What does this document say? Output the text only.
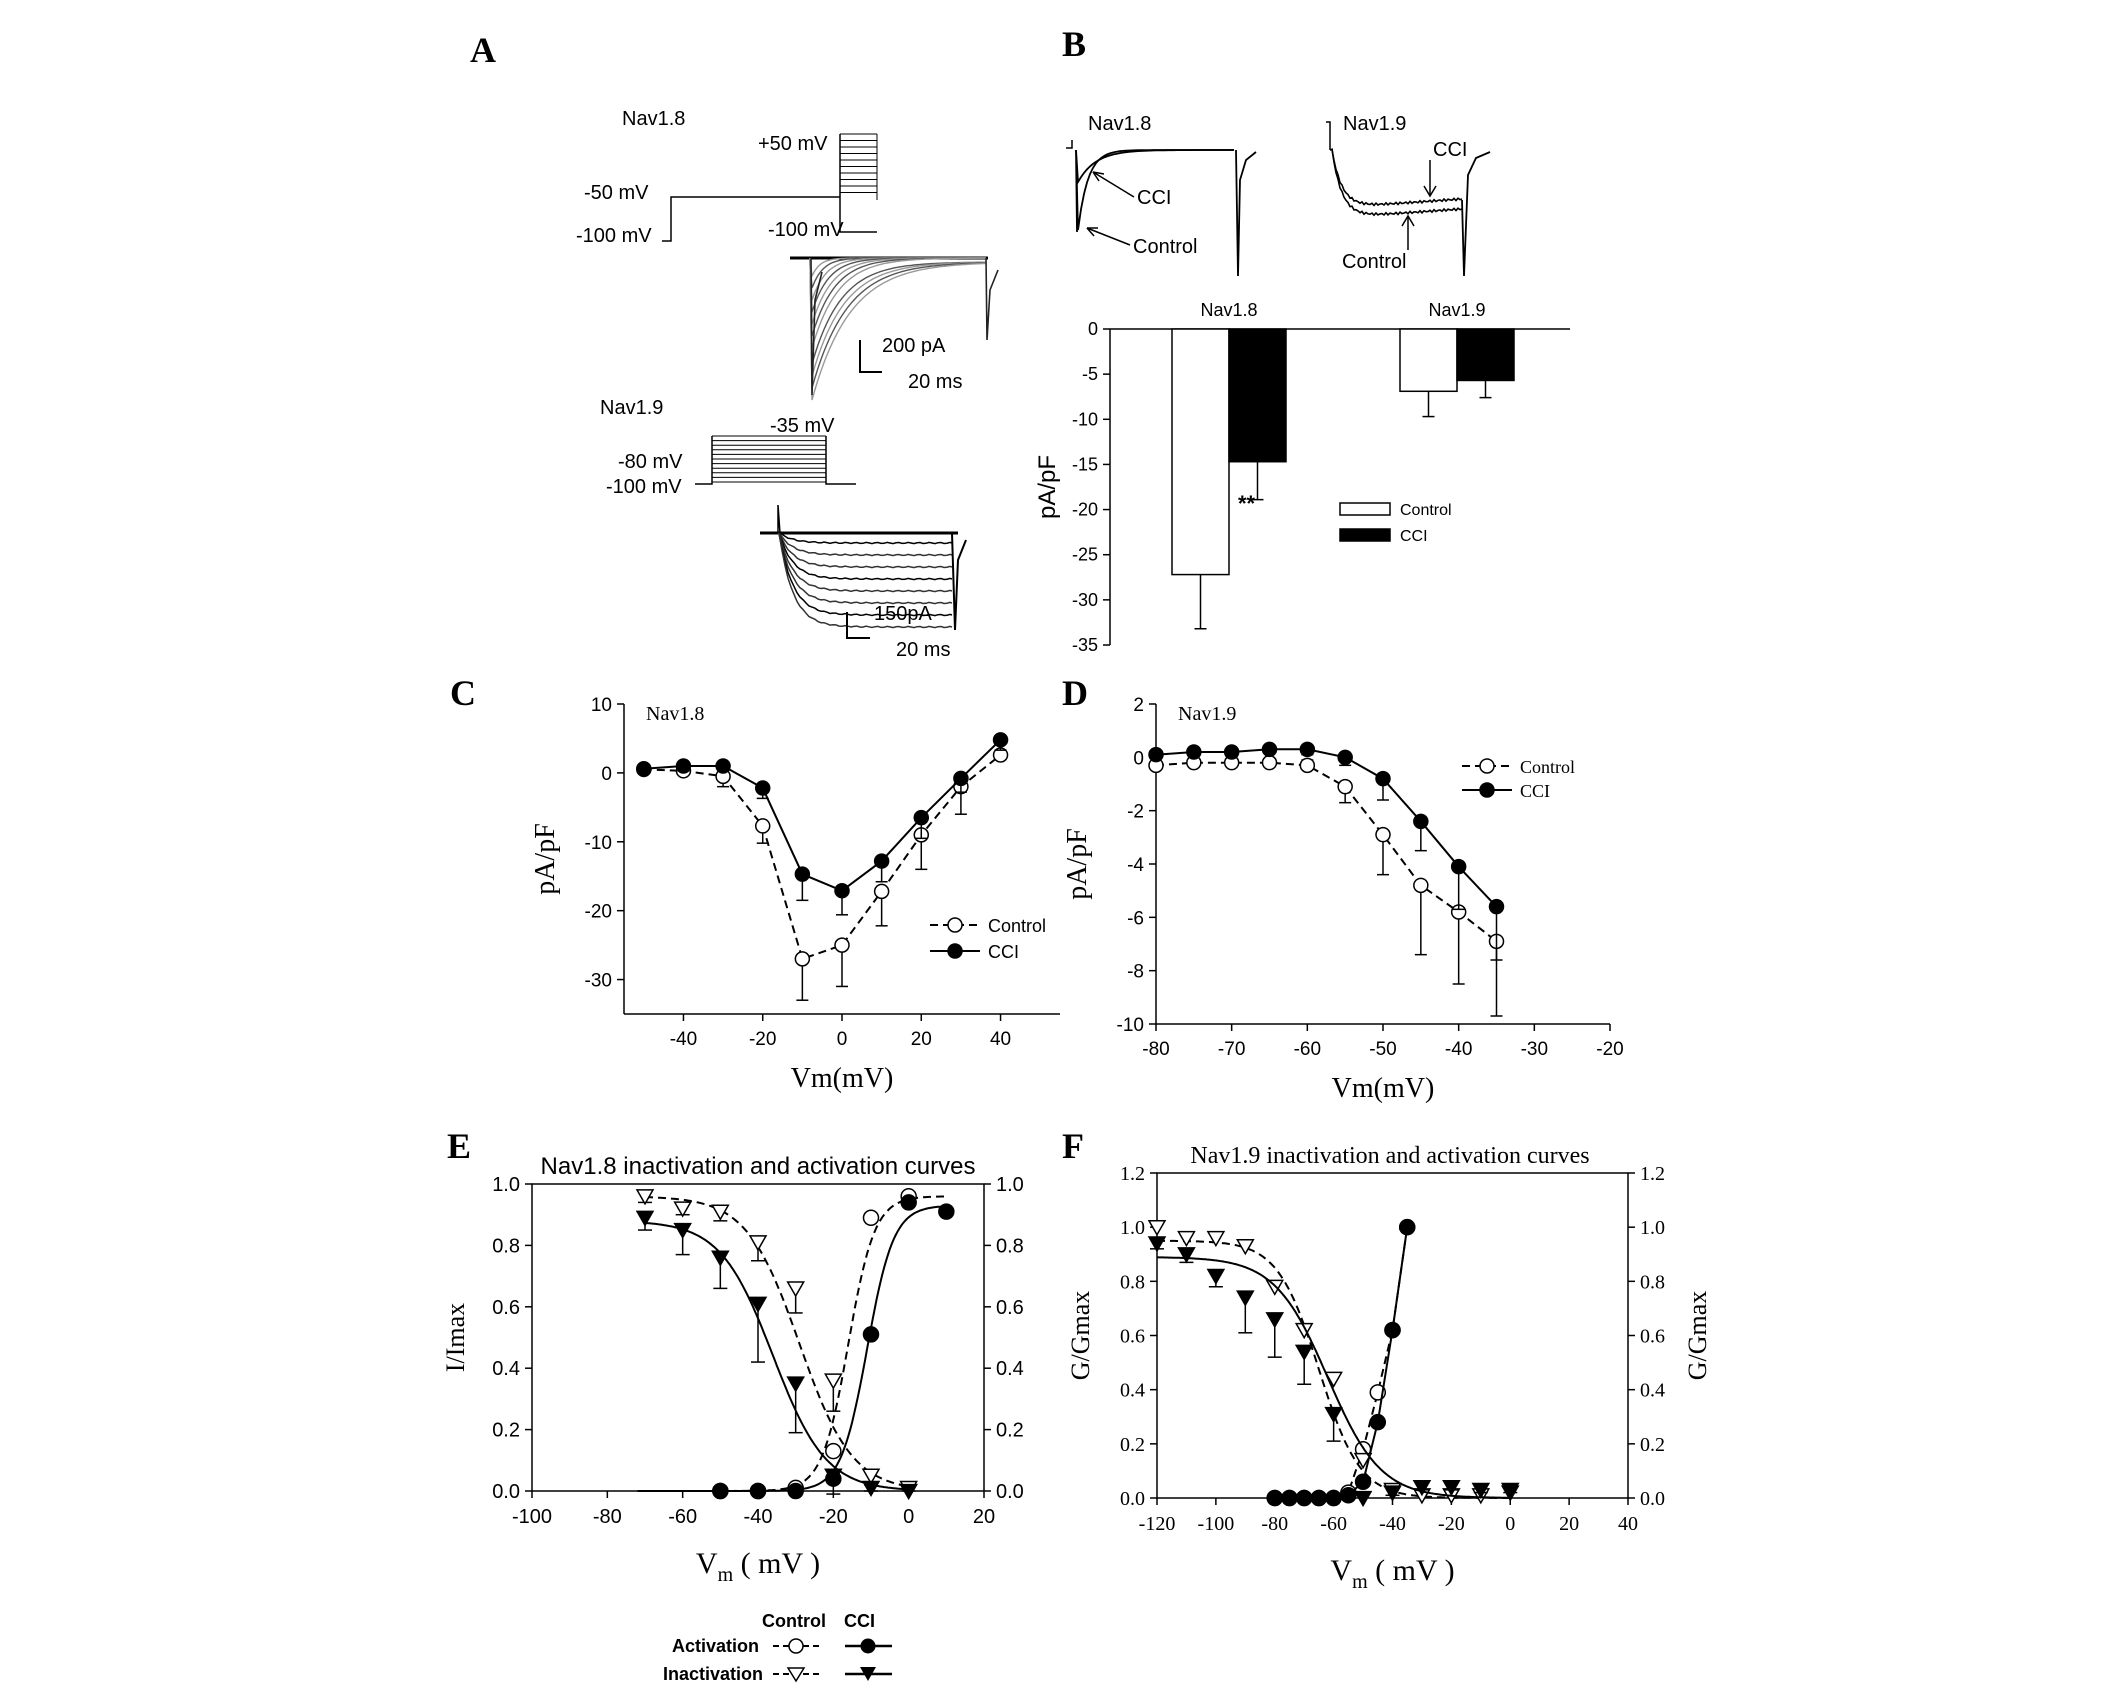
A	B
C	D
E	F
Nav1.8
+50 mV
-50 mV
-100 mV	-100 mV
200 pA
20 ms
Nav1.9
-35 mV
-80 mV
-100 mV
150pA
20 ms
Nav1.8
CCI
Control
Nav1.9
CCI
Control
0
-5
-10
-15
-20
-25
-30
-35
pA/pF
Nav1.8	Nav1.9
Control
CCI
**
10
0
-10
-20
-30
-40	-20	0	20	40
Vm(mV)
pA/pF
Nav1.8
Control
CCI
2
0
-2
-4
-6
-8
-10
-80	-70	-60	-50	-40	-30	-20
Vm(mV)
pA/pF
Nav1.9
Control
CCI
0.0
0.2
0.4
0.6
0.8
1.0
0.0
0.2
0.4
0.6
0.8
1.0
-100 -80 -60 -40 -20	0	20
$V_m$ ( mV )
I/Imax
Nav1.8 inactivation and activation curves
0.0
0.2
0.4
0.6
0.8
1.0
1.2
0.0
0.2
0.4
0.6
0.8
1.0
1.2
-120 -100 -80 -60 -40 -20 0 20 40
$V_m$ ( mV )
G/Gmax	G/Gmax
Nav1.9 inactivation and activation curves
Control CCI
Activation
Inactivation
